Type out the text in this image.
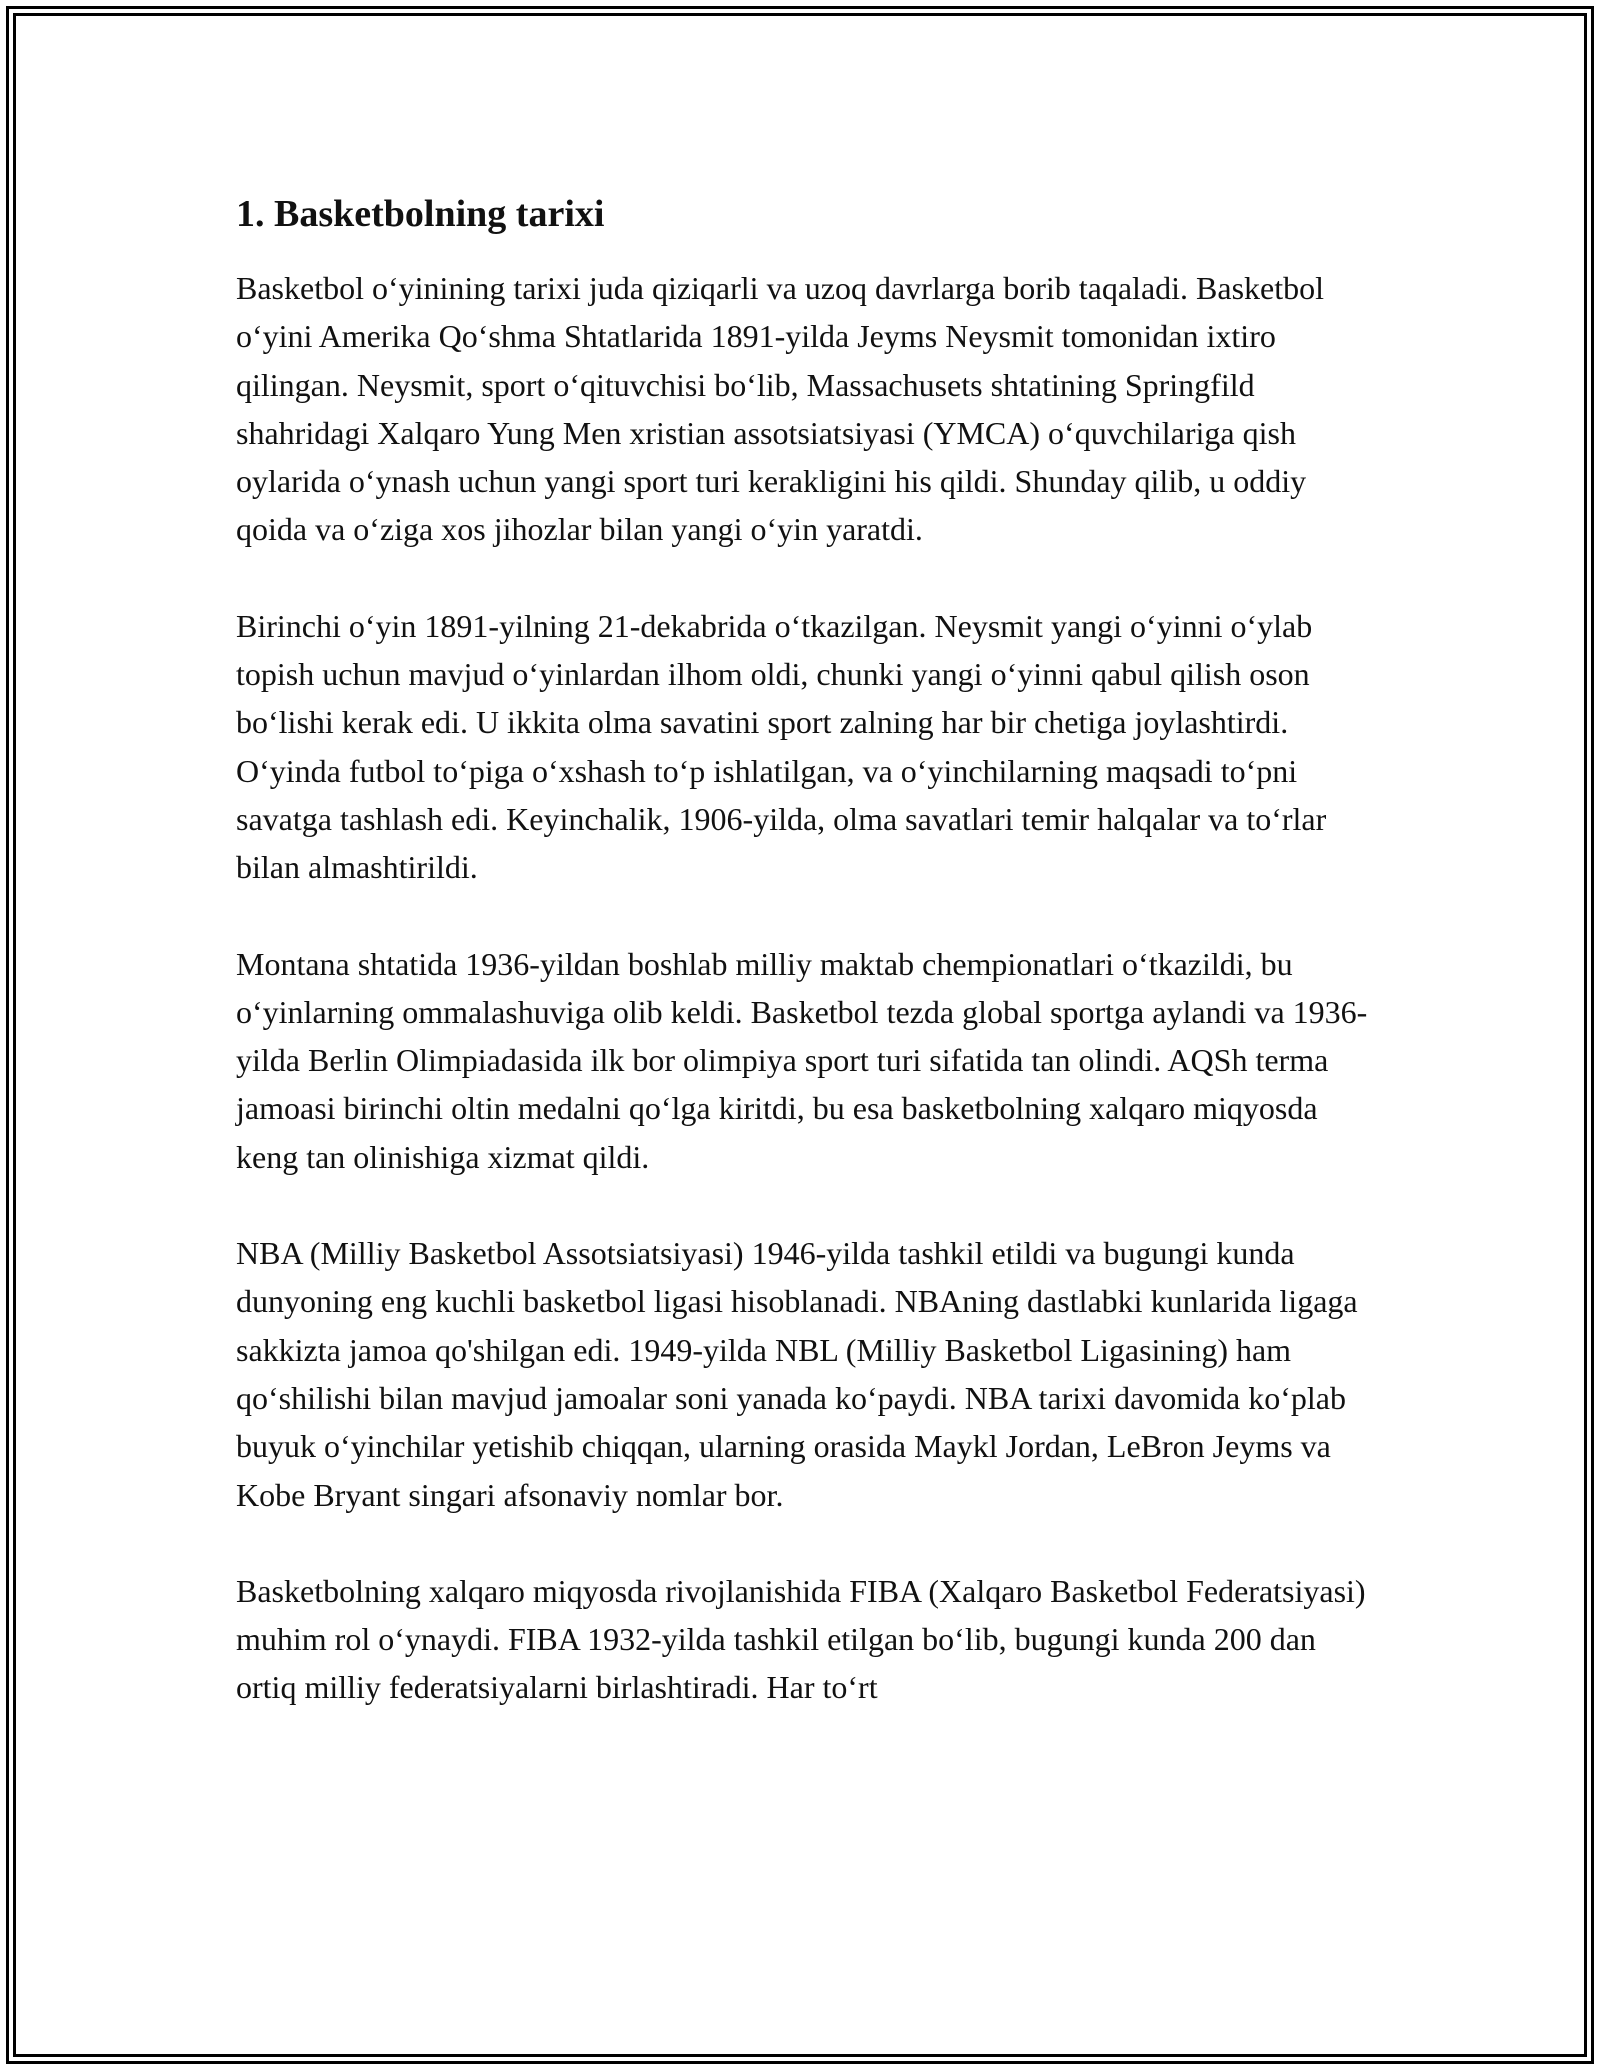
1. Basketbolning tarixi

Basketbol o‘yinining tarixi juda qiziqarli va uzoq davrlarga borib taqaladi. Basketbol o‘yini Amerika Qo‘shma Shtatlarida 1891-yilda Jeyms Neysmit tomonidan ixtiro qilingan. Neysmit, sport o‘qituvchisi bo‘lib, Massachusets shtatining Springfild shahridagi Xalqaro Yung Men xristian assotsiatsiyasi (YMCA) o‘quvchilariga qish oylarida o‘ynash uchun yangi sport turi kerakligini his qildi. Shunday qilib, u oddiy qoida va o‘ziga xos jihozlar bilan yangi o‘yin yaratdi.

Birinchi o‘yin 1891-yilning 21-dekabrida o‘tkazilgan. Neysmit yangi o‘yinni o‘ylab topish uchun mavjud o‘yinlardan ilhom oldi, chunki yangi o‘yinni qabul qilish oson bo‘lishi kerak edi. U ikkita olma savatini sport zalning har bir chetiga joylashtirdi. O‘yinda futbol to‘piga o‘xshash to‘p ishlatilgan, va o‘yinchilarning maqsadi to‘pni savatga tashlash edi. Keyinchalik, 1906-yilda, olma savatlari temir halqalar va to‘rlar bilan almashtirildi.

Montana shtatida 1936-yildan boshlab milliy maktab chempionatlari o‘tkazildi, bu o‘yinlarning ommalashuviga olib keldi. Basketbol tezda global sportga aylandi va 1936-yilda Berlin Olimpiadasida ilk bor olimpiya sport turi sifatida tan olindi. AQSh terma jamoasi birinchi oltin medalni qo‘lga kiritdi, bu esa basketbolning xalqaro miqyosda keng tan olinishiga xizmat qildi.

NBA (Milliy Basketbol Assotsiatsiyasi) 1946-yilda tashkil etildi va bugungi kunda dunyoning eng kuchli basketbol ligasi hisoblanadi. NBAning dastlabki kunlarida ligaga sakkizta jamoa qo'shilgan edi. 1949-yilda NBL (Milliy Basketbol Ligasining) ham qo‘shilishi bilan mavjud jamoalar soni yanada ko‘paydi. NBA tarixi davomida ko‘plab buyuk o‘yinchilar yetishib chiqqan, ularning orasida Maykl Jordan, LeBron Jeyms va Kobe Bryant singari afsonaviy nomlar bor.

Basketbolning xalqaro miqyosda rivojlanishida FIBA (Xalqaro Basketbol Federatsiyasi) muhim rol o‘ynaydi. FIBA 1932-yilda tashkil etilgan bo‘lib, bugungi kunda 200 dan ortiq milliy federatsiyalarni birlashtiradi. Har to‘rt
